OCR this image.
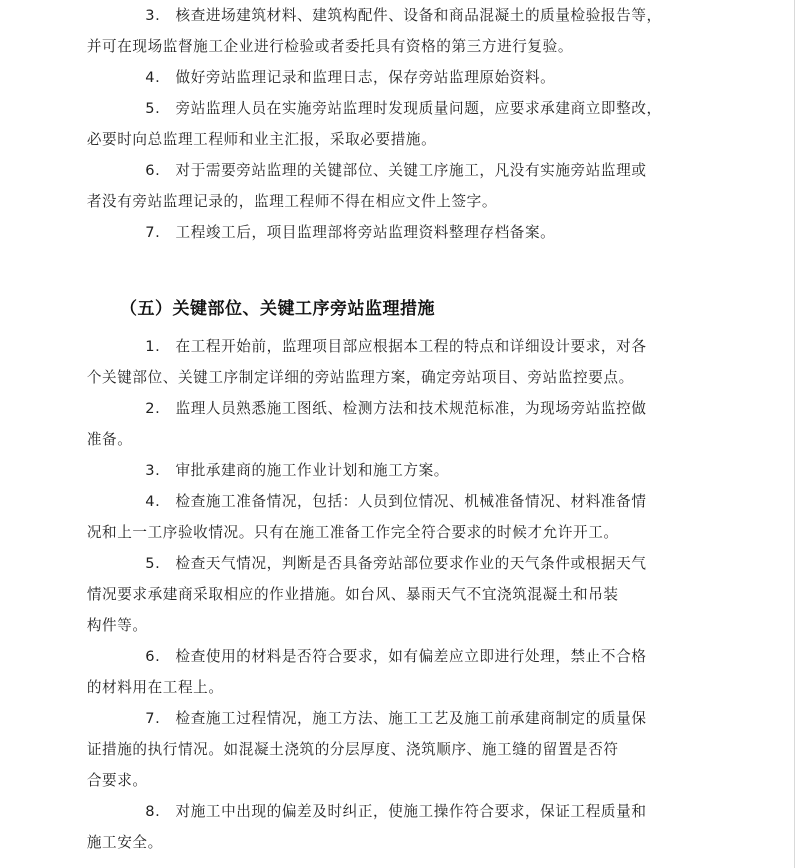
3.　核查进场建筑材料、建筑构配件、设备和商品混凝土的质量检验报告等，
并可在现场监督施工企业进行检验或者委托具有资格的第三方进行复验。

4.　做好旁站监理记录和监理日志，保存旁站监理原始资料。

5.　旁站监理人员在实施旁站监理时发现质量问题，应要求承建商立即整改，
必要时向总监理工程师和业主汇报，采取必要措施。

6.　对于需要旁站监理的关键部位、关键工序施工，凡没有实施旁站监理或
者没有旁站监理记录的，监理工程师不得在相应文件上签字。

7.　工程竣工后，项目监理部将旁站监理资料整理存档备案。

（五）关键部位、关键工序旁站监理措施

1.　在工程开始前，监理项目部应根据本工程的特点和详细设计要求，对各
个关键部位、关键工序制定详细的旁站监理方案，确定旁站项目、旁站监控要点。

2.　监理人员熟悉施工图纸、检测方法和技术规范标准，为现场旁站监控做
准备。

3.　审批承建商的施工作业计划和施工方案。

4.　检查施工准备情况，包括：人员到位情况、机械准备情况、材料准备情
况和上一工序验收情况。只有在施工准备工作完全符合要求的时候才允许开工。

5.　检查天气情况，判断是否具备旁站部位要求作业的天气条件或根据天气
情况要求承建商采取相应的作业措施。如台风、暴雨天气不宜浇筑混凝土和吊装
构件等。

6.　检查使用的材料是否符合要求，如有偏差应立即进行处理，禁止不合格
的材料用在工程上。

7.　检查施工过程情况，施工方法、施工工艺及施工前承建商制定的质量保
证措施的执行情况。如混凝土浇筑的分层厚度、浇筑顺序、施工缝的留置是否符
合要求。

8.　对施工中出现的偏差及时纠正，使施工操作符合要求，保证工程质量和
施工安全。
